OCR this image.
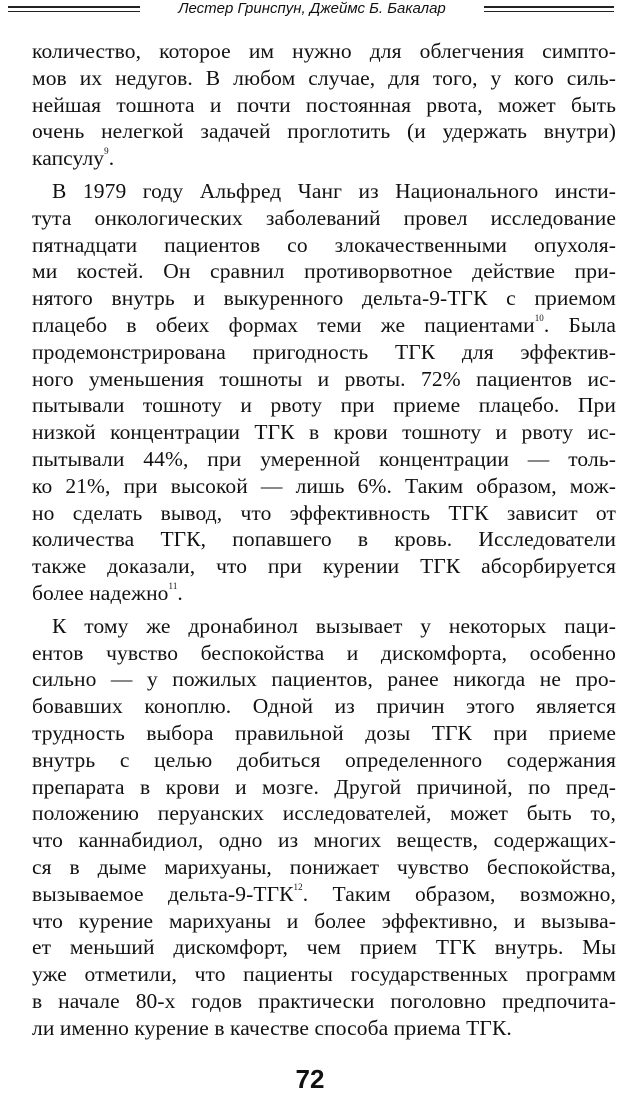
Лестер Гринспун, Джеймс Б. Бакалар

количество, которое им нужно для облегчения симпто-
мов их недугов. В любом случае, для того, у кого силь-
нейшая тошнота и почти постоянная рвота, может быть
очень нелегкой задачей проглотить (и удержать внутри)
капсулу$^9$.

В 1979 году Альфред Чанг из Национального инсти-
тута онкологических заболеваний провел исследование
пятнадцати пациентов со злокачественными опухоля-
ми костей. Он сравнил противорвотное действие при-
нятого внутрь и выкуренного дельта-9-ТГК с приемом
плацебо в обеих формах теми же пациентами$^{10}$. Была
продемонстрирована пригодность ТГК для эффектив-
ного уменьшения тошноты и рвоты. 72% пациентов ис-
пытывали тошноту и рвоту при приеме плацебо. При
низкой концентрации ТГК в крови тошноту и рвоту ис-
пытывали 44%, при умеренной концентрации — толь-
ко 21%, при высокой — лишь 6%. Таким образом, мож-
но сделать вывод, что эффективность ТГК зависит от
количества ТГК, попавшего в кровь. Исследователи
также доказали, что при курении ТГК абсорбируется
более надежно$^{11}$.

К тому же дронабинол вызывает у некоторых паци-
ентов чувство беспокойства и дискомфорта, особенно
сильно — у пожилых пациентов, ранее никогда не про-
бовавших коноплю. Одной из причин этого является
трудность выбора правильной дозы ТГК при приеме
внутрь с целью добиться определенного содержания
препарата в крови и мозге. Другой причиной, по пред-
положению перуанских исследователей, может быть то,
что каннабидиол, одно из многих веществ, содержащих-
ся в дыме марихуаны, понижает чувство беспокойства,
вызываемое дельта-9-ТГК$^{12}$. Таким образом, возможно,
что курение марихуаны и более эффективно, и вызыва-
ет меньший дискомфорт, чем прием ТГК внутрь. Мы
уже отметили, что пациенты государственных программ
в начале 80-х годов практически поголовно предпочита-
ли именно курение в качестве способа приема ТГК.

72
